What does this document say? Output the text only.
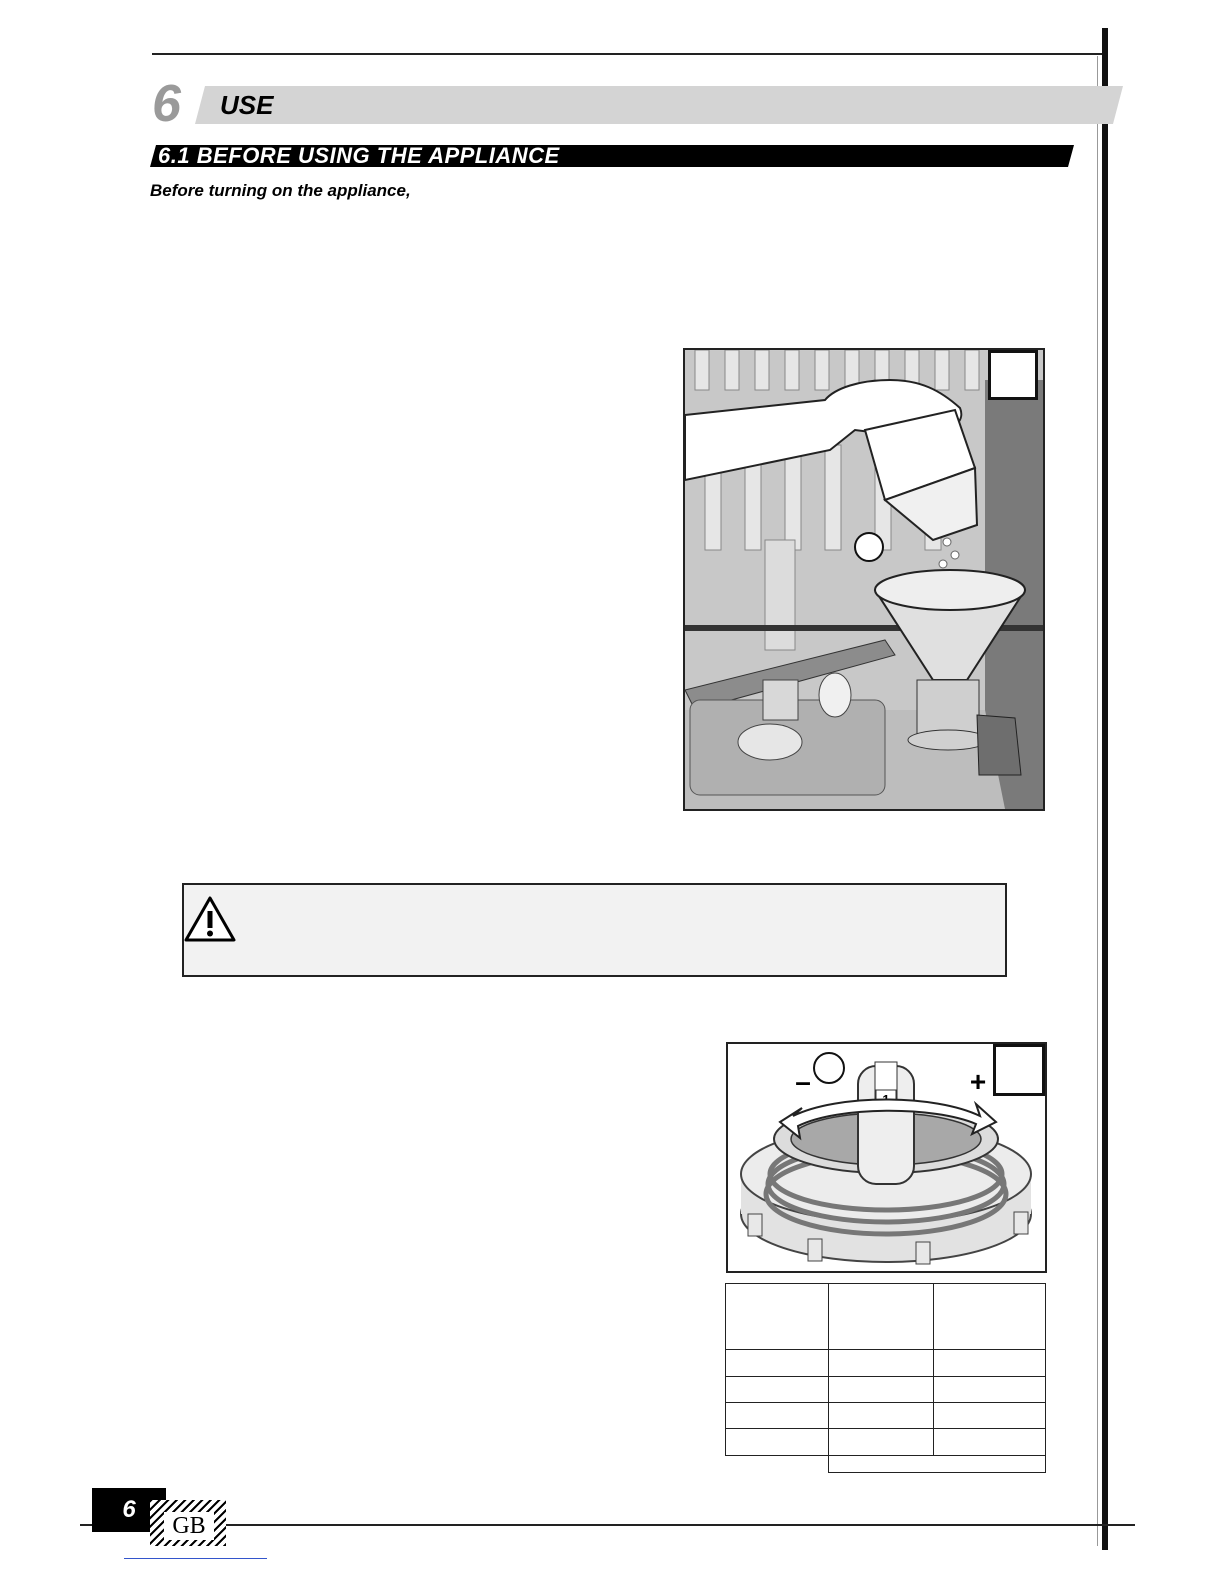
6 USE
6.1 BEFORE USING THE APPLIANCE
Before turning on the appliance,
–	+
6
GB
